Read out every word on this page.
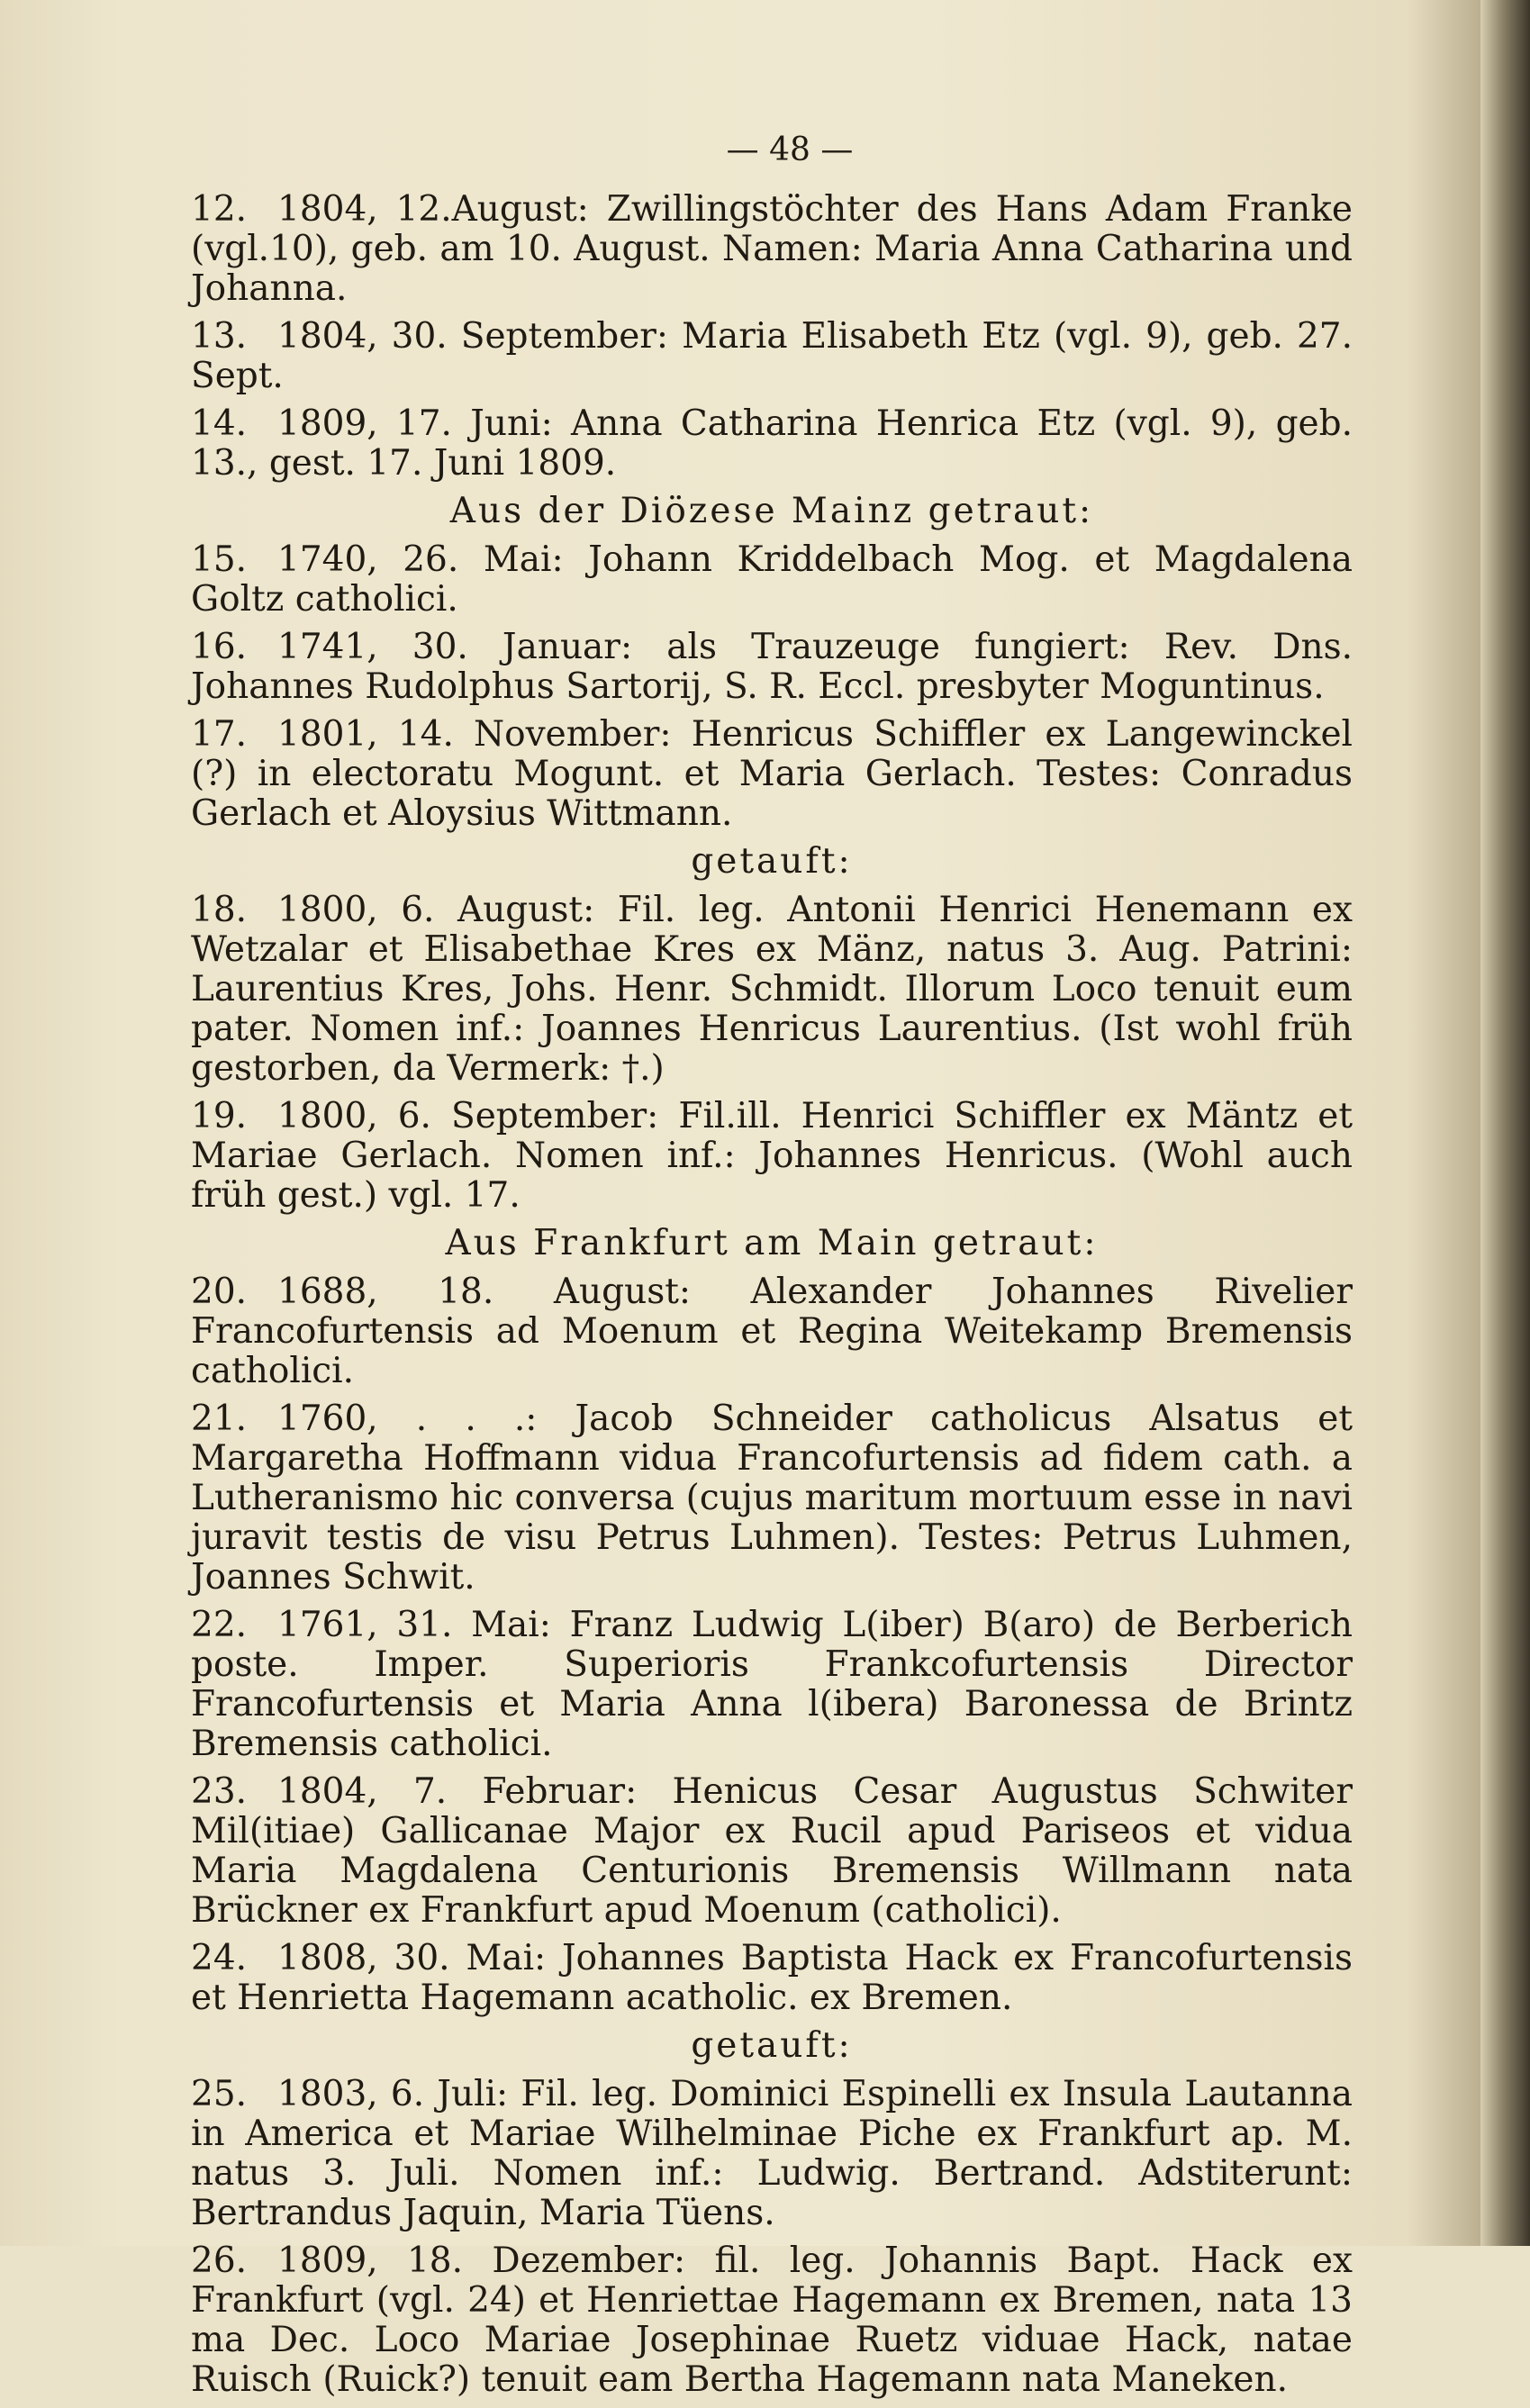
— 48 —

12. 1804, 12.August: Zwillingstöchter des Hans Adam Franke (vgl.10), geb. am 10. August. Namen: Maria Anna Catharina und Johanna.

13. 1804, 30. September: Maria Elisabeth Etz (vgl. 9), geb. 27. Sept.

14. 1809, 17. Juni: Anna Catharina Henrica Etz (vgl. 9), geb. 13., gest. 17. Juni 1809.

Aus der Diözese Mainz getraut:

15. 1740, 26. Mai: Johann Kriddelbach Mog. et Magdalena Goltz catholici.

16. 1741, 30. Januar: als Trauzeuge fungiert: Rev. Dns. Johannes Rudolphus Sartorij, S. R. Eccl. presbyter Moguntinus.

17. 1801, 14. November: Henricus Schiffler ex Langewinckel (?) in electoratu Mogunt. et Maria Gerlach. Testes: Conradus Gerlach et Aloysius Wittmann.

getauft:

18. 1800, 6. August: Fil. leg. Antonii Henrici Henemann ex Wetzalar et Elisabethae Kres ex Mänz, natus 3. Aug. Patrini: Laurentius Kres, Johs. Henr. Schmidt. Illorum Loco tenuit eum pater. Nomen inf.: Joannes Henricus Laurentius. (Ist wohl früh gestorben, da Vermerk: †.)

19. 1800, 6. September: Fil.ill. Henrici Schiffler ex Mäntz et Mariae Gerlach. Nomen inf.: Johannes Henricus. (Wohl auch früh gest.) vgl. 17.

Aus Frankfurt am Main getraut:

20. 1688, 18. August: Alexander Johannes Rivelier Francofurtensis ad Moenum et Regina Weitekamp Bremensis catholici.

21. 1760, . . .: Jacob Schneider catholicus Alsatus et Margaretha Hoffmann vidua Francofurtensis ad fidem cath. a Lutheranismo hic conversa (cujus maritum mortuum esse in navi juravit testis de visu Petrus Luhmen). Testes: Petrus Luhmen, Joannes Schwit.

22. 1761, 31. Mai: Franz Ludwig L(iber) B(aro) de Berberich poste. Imper. Superioris Frankcofurtensis Director Francofurtensis et Maria Anna l(ibera) Baronessa de Brintz Bremensis catholici.

23. 1804, 7. Februar: Henicus Cesar Augustus Schwiter Mil(itiae) Gallicanae Major ex Rucil apud Pariseos et vidua Maria Magdalena Centurionis Bremensis Willmann nata Brückner ex Frankfurt apud Moenum (catholici).

24. 1808, 30. Mai: Johannes Baptista Hack ex Francofurtensis et Henrietta Hagemann acatholic. ex Bremen.

getauft:

25. 1803, 6. Juli: Fil. leg. Dominici Espinelli ex Insula Lautanna in America et Mariae Wilhelminae Piche ex Frankfurt ap. M. natus 3. Juli. Nomen inf.: Ludwig. Bertrand. Adstiterunt: Bertrandus Jaquin, Maria Tüens.

26. 1809, 18. Dezember: fil. leg. Johannis Bapt. Hack ex Frankfurt (vgl. 24) et Henriettae Hagemann ex Bremen, nata 13 ma Dec. Loco Mariae Josephinae Ruetz viduae Hack, natae Ruisch (Ruick?) tenuit eam Bertha Hagemann nata Maneken.
